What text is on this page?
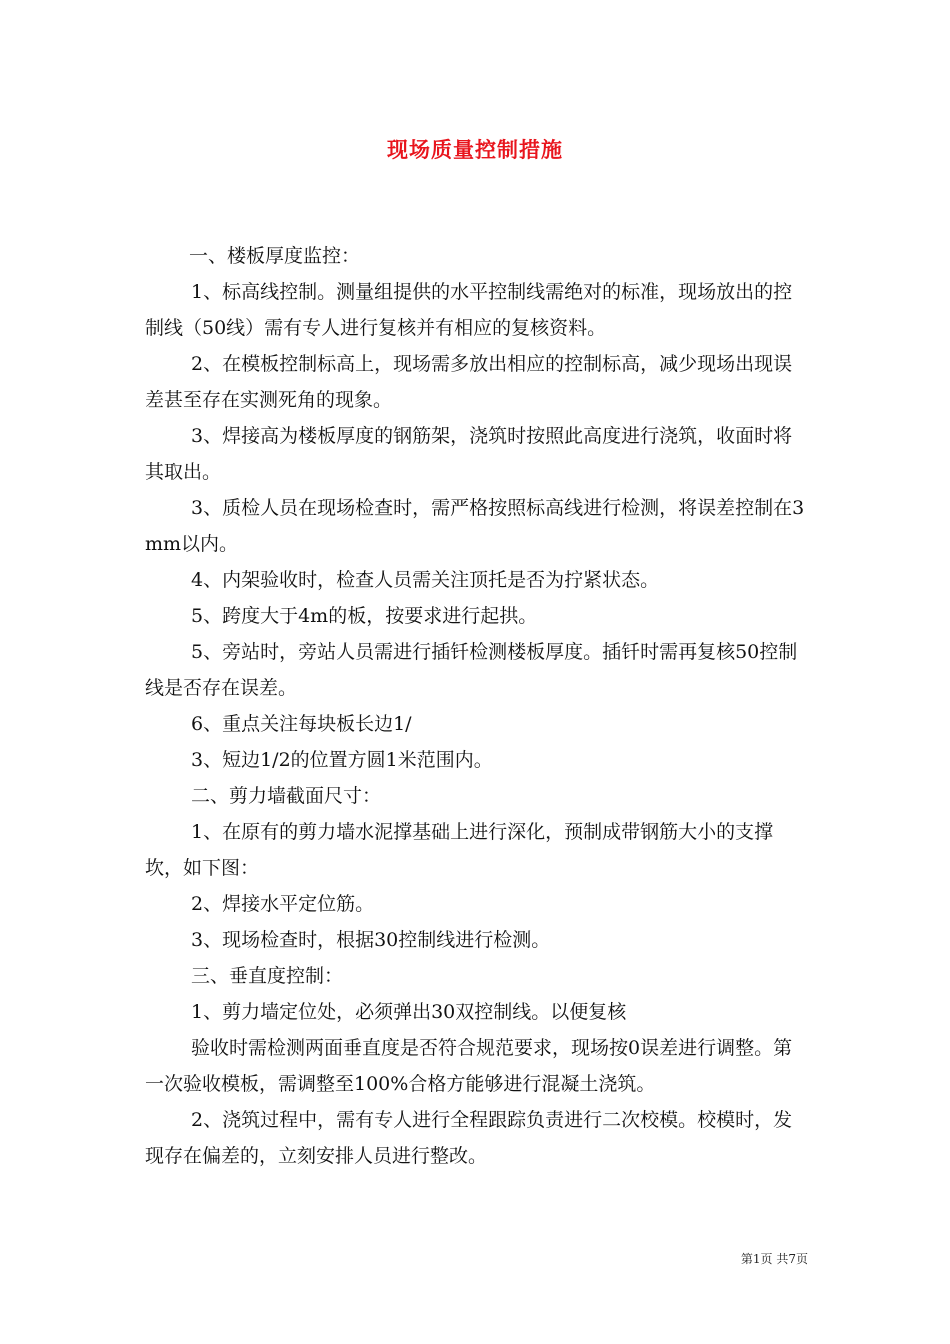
现场质量控制措施

一、楼板厚度监控：

1、标高线控制。测量组提供的水平控制线需绝对的标准，现场放出的控制线（50线）需有专人进行复核并有相应的复核资料。

2、在模板控制标高上，现场需多放出相应的控制标高，减少现场出现误差甚至存在实测死角的现象。

3、焊接高为楼板厚度的钢筋架，浇筑时按照此高度进行浇筑，收面时将其取出。

3、质检人员在现场检查时，需严格按照标高线进行检测，将误差控制在3mm以内。

4、内架验收时，检查人员需关注顶托是否为拧紧状态。

5、跨度大于4m的板，按要求进行起拱。

5、旁站时，旁站人员需进行插钎检测楼板厚度。插钎时需再复核50控制线是否存在误差。

6、重点关注每块板长边1/

3、短边1/2的位置方圆1米范围内。

二、剪力墙截面尺寸：

1、在原有的剪力墙水泥撑基础上进行深化，预制成带钢筋大小的支撑坎，如下图：

2、焊接水平定位筋。

3、现场检查时，根据30控制线进行检测。

三、垂直度控制：

1、剪力墙定位处，必须弹出30双控制线。以便复核

验收时需检测两面垂直度是否符合规范要求，现场按0误差进行调整。第一次验收模板，需调整至100%合格方能够进行混凝土浇筑。

2、浇筑过程中，需有专人进行全程跟踪负责进行二次校模。校模时，发现存在偏差的，立刻安排人员进行整改。

第1页 共7页
